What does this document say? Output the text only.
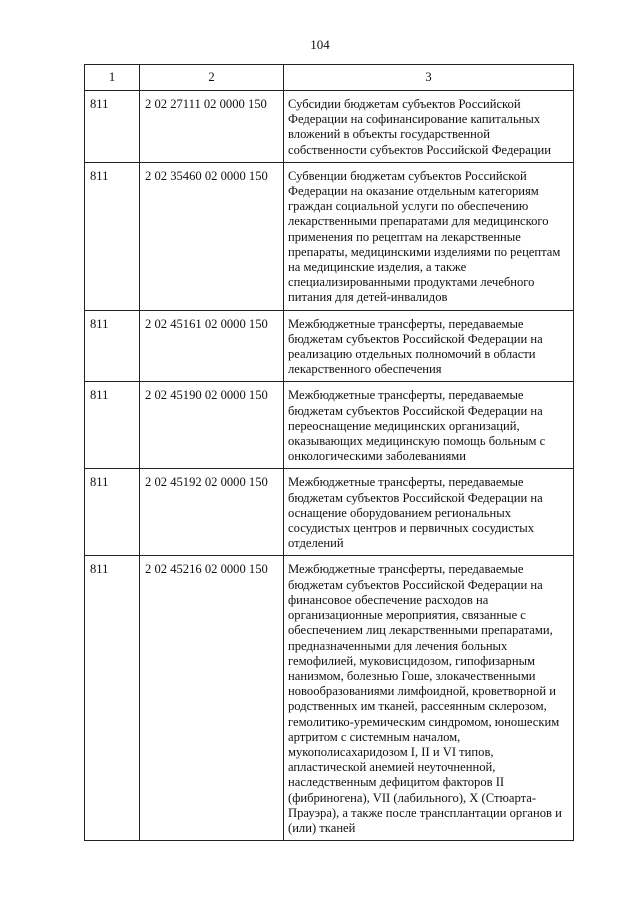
104
1	2	3
811	2 02 27111 02 0000 150	Субсидии бюджетам субъектов Российской Федерации на софинансирование капитальных вложений в объекты государственной собственности субъектов Российской Федерации
811	2 02 35460 02 0000 150	Субвенции бюджетам субъектов Российской Федерации на оказание отдельным категориям граждан социальной услуги по обеспечению лекарственными препаратами для медицинского применения по рецептам на лекарственные препараты, медицинскими изделиями по рецептам на медицинские изделия, а также специализированными продуктами лечебного питания для детей-инвалидов
811	2 02 45161 02 0000 150	Межбюджетные трансферты, передаваемые бюджетам субъектов Российской Федерации на реализацию отдельных полномочий в области лекарственного обеспечения
811	2 02 45190 02 0000 150	Межбюджетные трансферты, передаваемые бюджетам субъектов Российской Федерации на переоснащение медицинских организаций, оказывающих медицинскую помощь больным с онкологическими заболеваниями
811	2 02 45192 02 0000 150	Межбюджетные трансферты, передаваемые бюджетам субъектов Российской Федерации на оснащение оборудованием региональных сосудистых центров и первичных сосудистых отделений
811	2 02 45216 02 0000 150	Межбюджетные трансферты, передаваемые бюджетам субъектов Российской Федерации на финансовое обеспечение расходов на организационные мероприятия, связанные с обеспечением лиц лекарственными препаратами, предназначенными для лечения больных гемофилией, муковисцидозом, гипофизарным нанизмом, болезнью Гоше, злокачественными новообразованиями лимфоидной, кроветворной и родственных им тканей, рассеянным склерозом, гемолитико-уремическим синдромом, юношеским артритом с системным началом, мукополисахаридозом I, II и VI типов, апластической анемией неуточненной, наследственным дефицитом факторов II (фибриногена), VII (лабильного), X (Стюарта-Прауэра), а также после трансплантации органов и (или) тканей
